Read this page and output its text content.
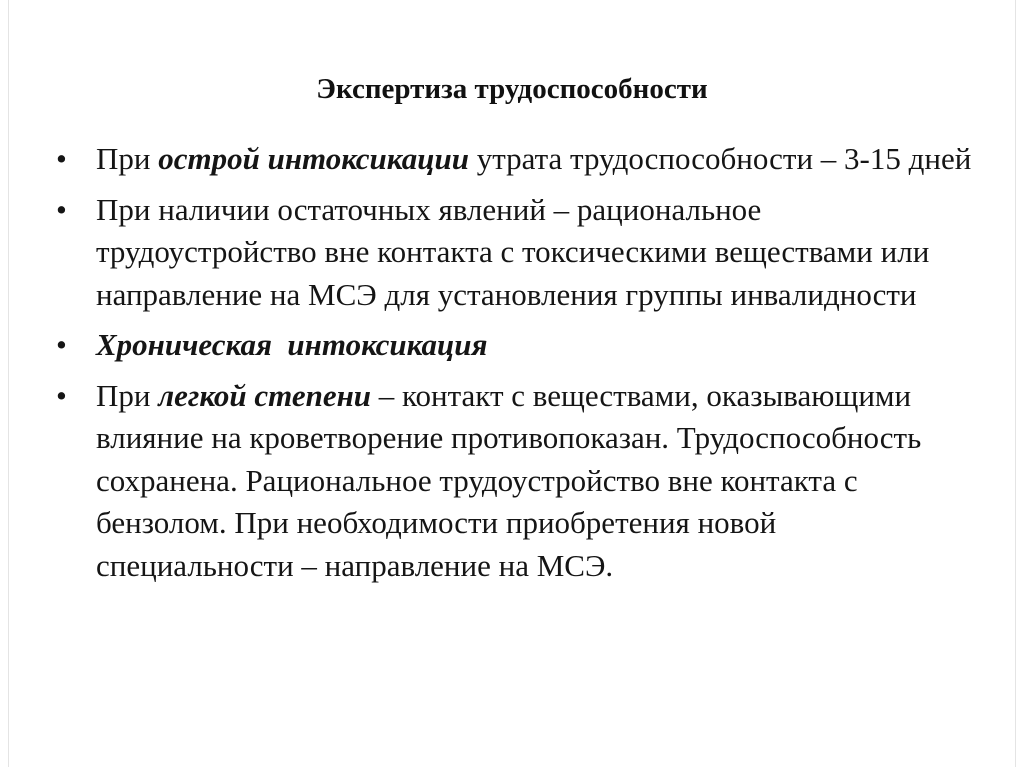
Экспертиза трудоспособности
• При острой интоксикации утрата трудоспособности – 3-15 дней
• При наличии остаточных явлений – рациональное трудоустройство вне контакта с токсическими веществами или направление на МСЭ для установления группы инвалидности
• Хроническая  интоксикация
• При легкой степени – контакт с веществами, оказывающими влияние на кроветворение противопоказан. Трудоспособность сохранена. Рациональное трудоустройство вне контакта с бензолом. При необходимости приобретения новой специальности – направление на МСЭ.
